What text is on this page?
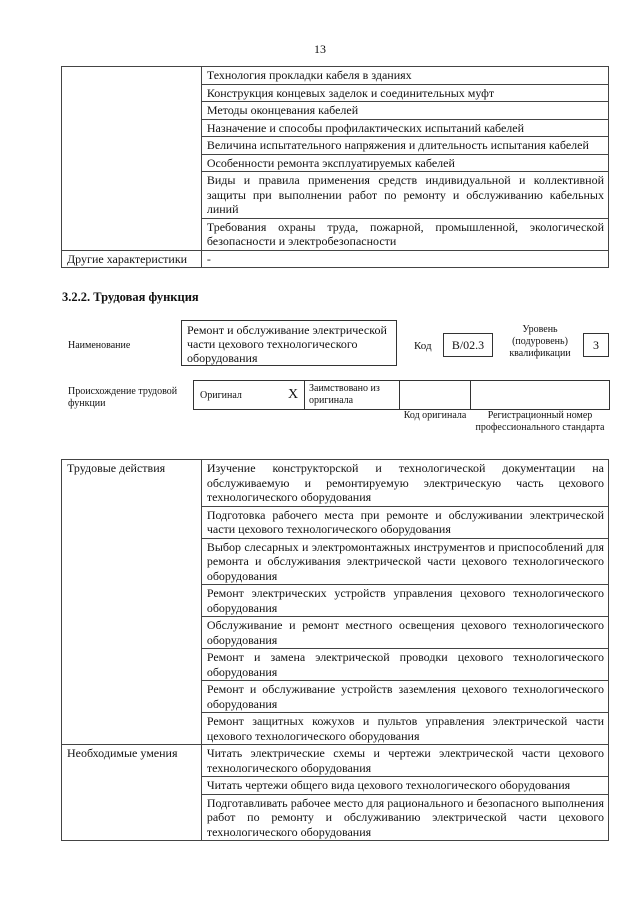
13
	Технология прокладки кабеля в зданиях
	Конструкция концевых заделок и соединительных муфт
	Методы оконцевания кабелей
	Назначение и способы профилактических испытаний кабелей
	Величина испытательного напряжения и длительность испытания кабелей
	Особенности ремонта эксплуатируемых кабелей
	Виды и правила применения средств индивидуальной и коллективной защиты при выполнении работ по ремонту и обслуживанию кабельных линий
	Требования охраны труда, пожарной, промышленной, экологической безопасности и электробезопасности
Другие характеристики	-
3.2.2. Трудовая функция
Наименование
Ремонт и обслуживание электрической части цехового технологического оборудования
Код	B/02.3
Уровень (подуровень) квалификации
3
Происхождение трудовой функции
Оригинал	X Заимствовано из оригинала
Код оригинала	Регистрационный номер профессионального стандарта
Трудовые действия	Изучение конструкторской и технологической документации на обслуживаемую и ремонтируемую электрическую часть цехового технологического оборудования
	Подготовка рабочего места при ремонте и обслуживании электрической части цехового технологического оборудования
	Выбор слесарных и электромонтажных инструментов и приспособлений для ремонта и обслуживания электрической части цехового технологического оборудования
	Ремонт электрических устройств управления цехового технологического оборудования
	Обслуживание и ремонт местного освещения цехового технологического оборудования
	Ремонт и замена электрической проводки цехового технологического оборудования
	Ремонт и обслуживание устройств заземления цехового технологического оборудования
	Ремонт защитных кожухов и пультов управления электрической части цехового технологического оборудования
Необходимые умения	Читать электрические схемы и чертежи электрической части цехового технологического оборудования
	Читать чертежи общего вида цехового технологического оборудования
	Подготавливать рабочее место для рационального и безопасного выполнения работ по ремонту и обслуживанию электрической части цехового технологического оборудования
